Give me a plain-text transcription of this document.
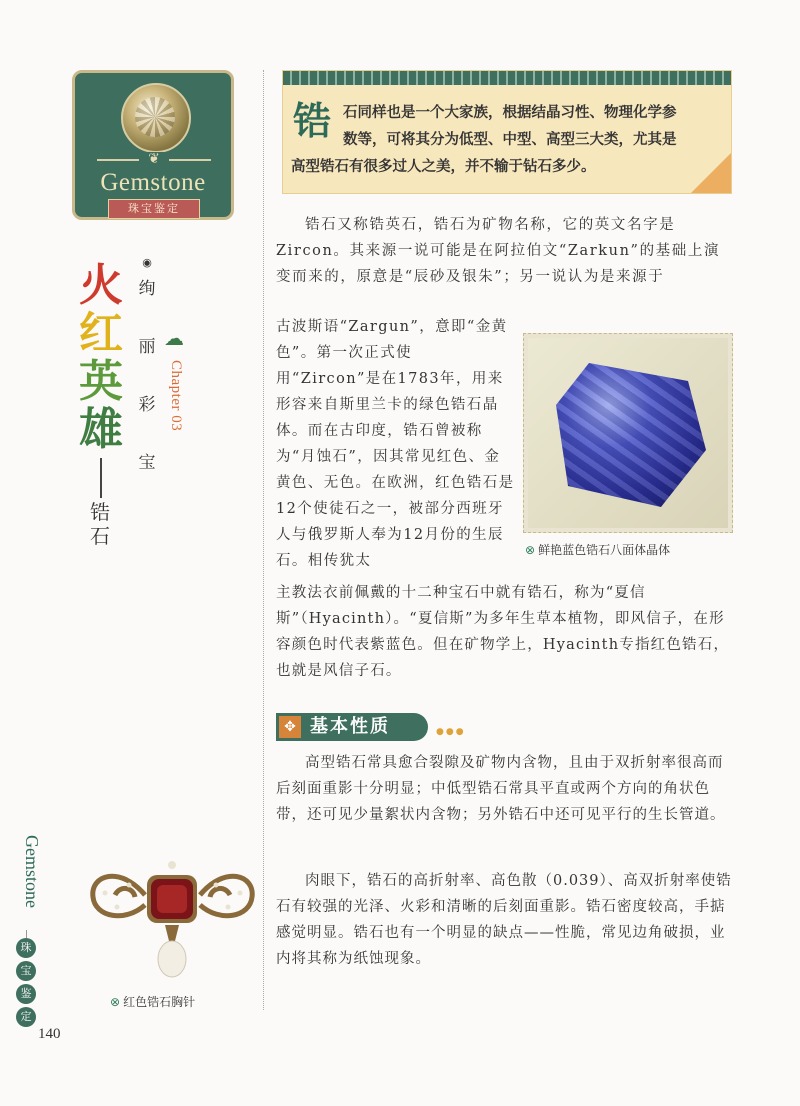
❦
Gemstone
珠宝鉴定
火
红
英
雄
锆
石
◉
绚
丽
彩
宝
☁
Chapter 03
锆 石同样也是一个大家族，根据结晶习性、物理化学参
数等，可将其分为低型、中型、高型三大类，尤其是
高型锆石有很多过人之美，并不输于钻石多少。
锆石又称锆英石，锆石为矿物名称，它的英文名字是Zircon。其来源一说可能是在阿拉伯文“Zarkun”的基础上演变而来的，原意是“辰砂及银朱”；另一说认为是来源于
古波斯语“Zargun”，意即“金黄色”。第一次正式使用“Zircon”是在1783年，用来形容来自斯里兰卡的绿色锆石晶体。而在古印度，锆石曾被称为“月蚀石”，因其常见红色、金黄色、无色。在欧洲，红色锆石是12个使徒石之一，被部分西班牙人与俄罗斯人奉为12月份的生辰石。相传犹太
⊗ 鲜艳蓝色锆石八面体晶体
主教法衣前佩戴的十二种宝石中就有锆石，称为“夏信斯”（Hyacinth）。“夏信斯”为多年生草本植物，即风信子，在形容颜色时代表紫蓝色。但在矿物学上，Hyacinth专指红色锆石，也就是风信子石。
✥ 基本性质	●●●
高型锆石常具愈合裂隙及矿物内含物，且由于双折射率很高而后刻面重影十分明显；中低型锆石常具平直或两个方向的角状色带，还可见少量絮状内含物；另外锆石中还可见平行的生长管道。
肉眼下，锆石的高折射率、高色散（0.039）、高双折射率使锆石有较强的光泽、火彩和清晰的后刻面重影。锆石密度较高，手掂感觉明显。锆石也有一个明显的缺点——性脆，常见边角破损，业内将其称为纸蚀现象。
Gemstone
珠
宝
鉴
定
⊗ 红色锆石胸针
140
